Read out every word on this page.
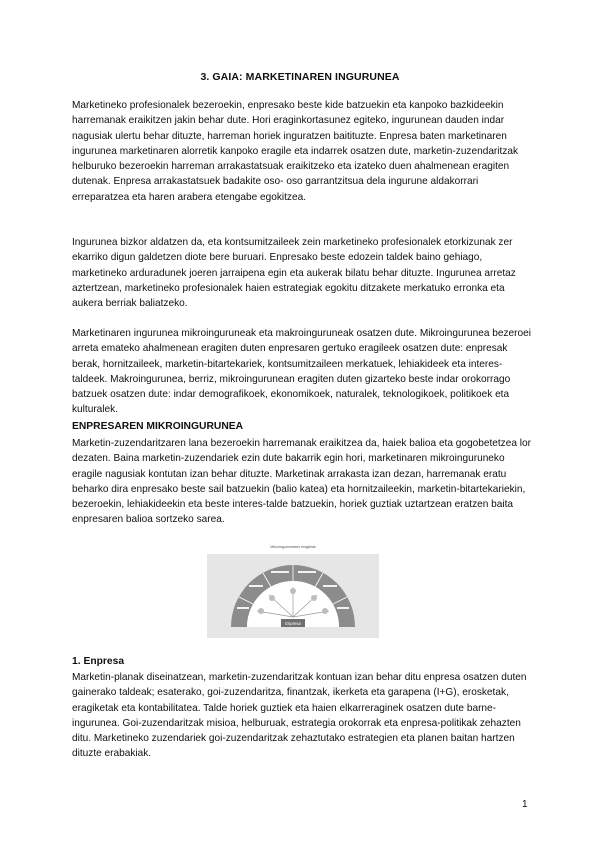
3. GAIA: MARKETINAREN INGURUNEA

Marketineko profesionalek bezeroekin, enpresako beste kide batzuekin eta kanpoko bazkideekin harremanak eraikitzen jakin behar dute. Hori eraginkortasunez egiteko, ingurunean dauden indar nagusiak ulertu behar dituzte, harreman horiek inguratzen baitituzte. Enpresa baten marketinaren ingurunea marketinaren alorretik kanpoko eragile eta indarrek osatzen dute, marketin-zuzendaritzak helburuko bezeroekin harreman arrakastatsuak eraikitzeko eta izateko duen ahalmenean eragiten dutenak. Enpresa arrakastatsuek badakite oso- oso garrantzitsua dela ingurune aldakorrari erreparatzea eta haren arabera etengabe egokitzea.

Ingurunea bizkor aldatzen da, eta kontsumitzaileek zein marketineko profesionalek etorkizunak zer ekarriko digun galdetzen diote bere buruari. Enpresako beste edozein taldek baino gehiago, marketineko arduradunek joeren jarraipena egin eta aukerak bilatu behar dituzte. Ingurunea arretaz aztertzean, marketineko profesionalek haien estrategiak egokitu ditzakete merkatuko erronka eta aukera berriak baliatzeko.

Marketinaren ingurunea mikroinguruneak eta makroinguruneak osatzen dute. Mikroingurunea bezeroei arreta emateko ahalmenean eragiten duten enpresaren gertuko eragileek osatzen dute: enpresak berak, hornitzaileek, marketin-bitartekariek, kontsumitzaileen merkatuek, lehiakideek eta interes-taldeek. Makroingurunea, berriz, mikroingurunean eragiten duten gizarteko beste indar orokorrago batzuek osatzen dute: indar demografikoek, ekonomikoek, naturalek, teknologikoek, politikoek eta kulturalek.

ENPRESAREN MIKROINGURUNEA

Marketin-zuzendaritzaren lana bezeroekin harremanak eraikitzea da, haiek balioa eta gogobetetzea lor dezaten. Baina marketin-zuzendariek ezin dute bakarrik egin hori, marketinaren mikroinguruneko eragile nagusiak kontutan izan behar dituzte. Marketinak arrakasta izan dezan, harremanak eratu beharko dira enpresako beste sail batzuekin (balio katea) eta hornitzaileekin, marketin-bitartekariekin, bezeroekin, lehiakideekin eta beste interes-talde batzuekin, horiek guztiak uztartzean eratzen baita enpresaren balioa sortzeko sarea.

Mikroingurunearen eragileak
Enpresa
1. Enpresa

Marketin-planak diseinatzean, marketin-zuzendaritzak kontuan izan behar ditu enpresa osatzen duten gainerako taldeak; esaterako, goi-zuzendaritza, finantzak, ikerketa eta garapena (I+G), erosketak, eragiketak eta kontabilitatea. Talde horiek guztiek eta haien elkarreraginek osatzen dute barne-ingurunea. Goi-zuzendaritzak misioa, helburuak, estrategia orokorrak eta enpresa-politikak zehazten ditu. Marketineko zuzendariek goi-zuzendaritzak zehaztutako estrategien eta planen baitan hartzen dituzte erabakiak.

1
